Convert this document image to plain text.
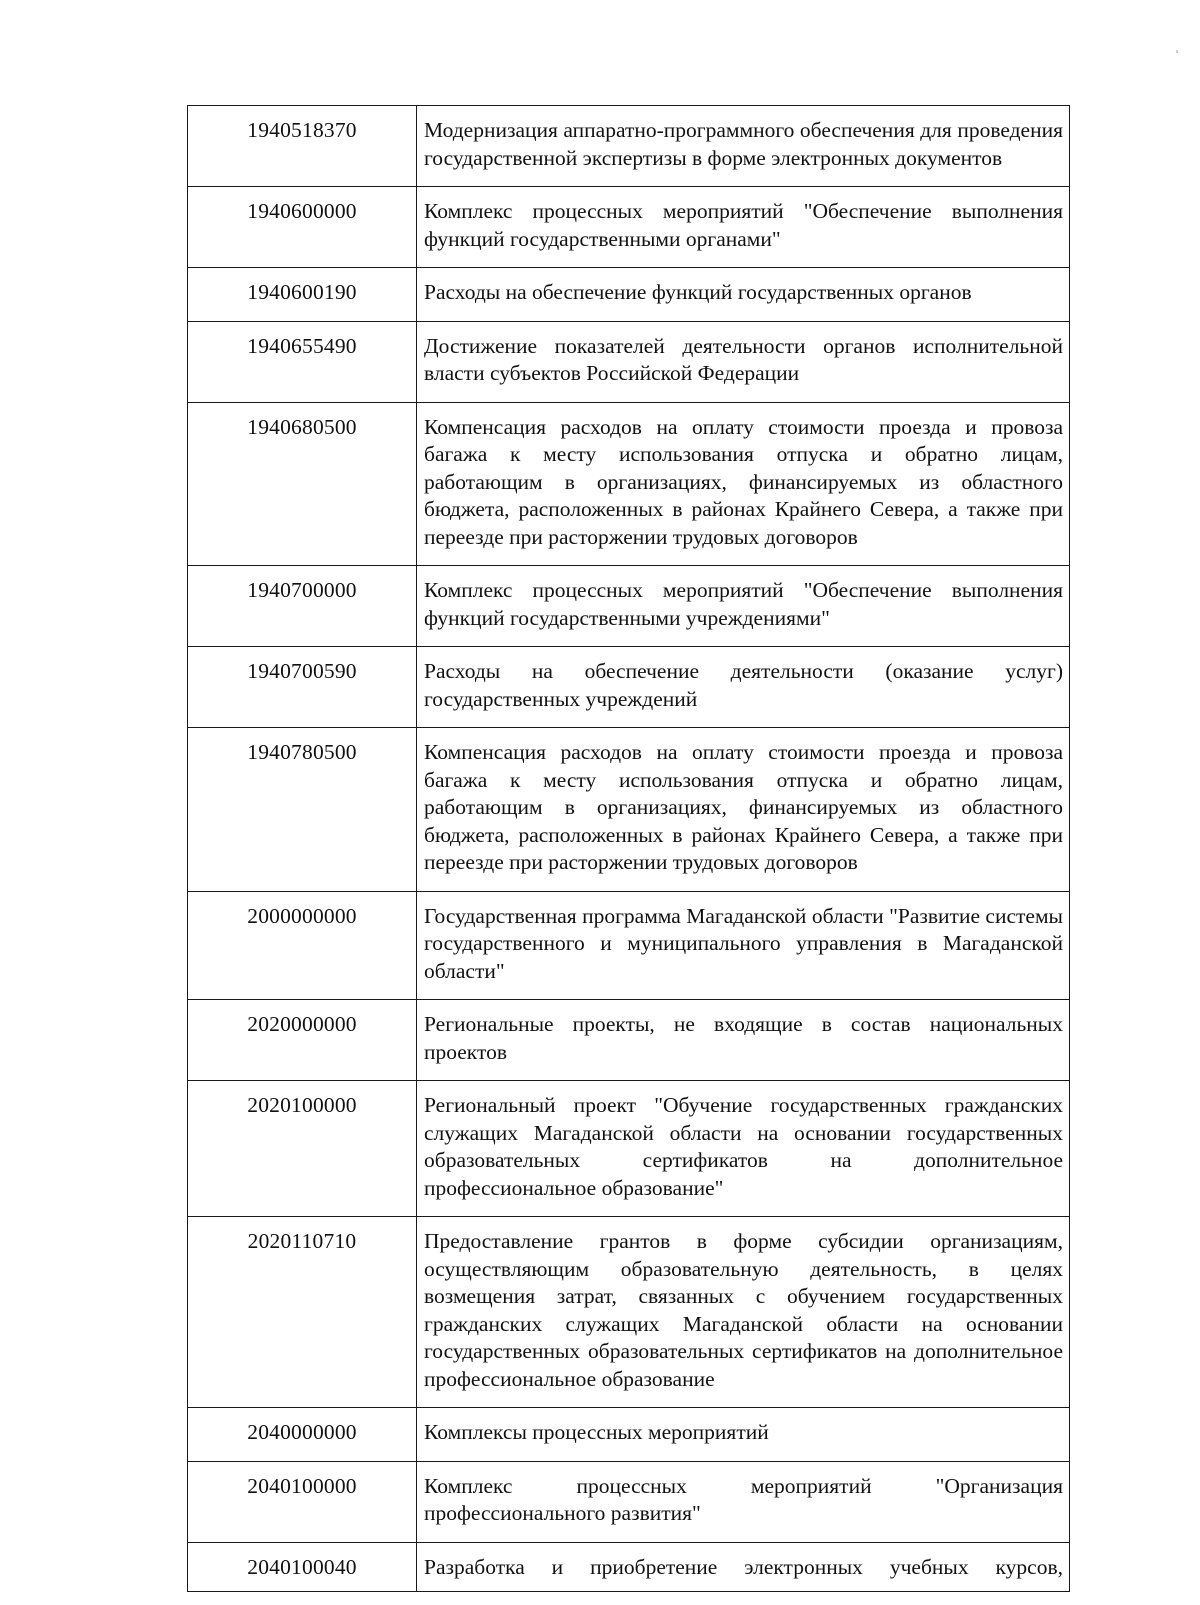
1940518370	Модернизация аппаратно-программного обеспечения для проведения государственной экспертизы в форме электронных документов
1940600000	Комплекс процессных мероприятий "Обеспечение выполнения функций государственными органами"
1940600190	Расходы на обеспечение функций государственных органов
1940655490	Достижение показателей деятельности органов исполнительной власти субъектов Российской Федерации
1940680500	Компенсация расходов на оплату стоимости проезда и провоза багажа к месту использования отпуска и обратно лицам, работающим в организациях, финансируемых из областного бюджета, расположенных в районах Крайнего Севера, а также при переезде при расторжении трудовых договоров
1940700000	Комплекс процессных мероприятий "Обеспечение выполнения функций государственными учреждениями"
1940700590	Расходы на обеспечение деятельности (оказание услуг) государственных учреждений
1940780500	Компенсация расходов на оплату стоимости проезда и провоза багажа к месту использования отпуска и обратно лицам, работающим в организациях, финансируемых из областного бюджета, расположенных в районах Крайнего Севера, а также при переезде при расторжении трудовых договоров
2000000000	Государственная программа Магаданской области "Развитие системы государственного и муниципального управления в Магаданской области"
2020000000	Региональные проекты, не входящие в состав национальных проектов
2020100000	Региональный проект "Обучение государственных гражданских служащих Магаданской области на основании государственных образовательных сертификатов на дополнительное профессиональное образование"
2020110710	Предоставление грантов в форме субсидии организациям, осуществляющим образовательную деятельность, в целях возмещения затрат, связанных с обучением государственных гражданских служащих Магаданской области на основании государственных образовательных сертификатов на дополнительное профессиональное образование
2040000000	Комплексы процессных мероприятий
2040100000	Комплекс процессных мероприятий "Организация профессионального развития"
2040100040	Разработка и приобретение электронных учебных курсов,
